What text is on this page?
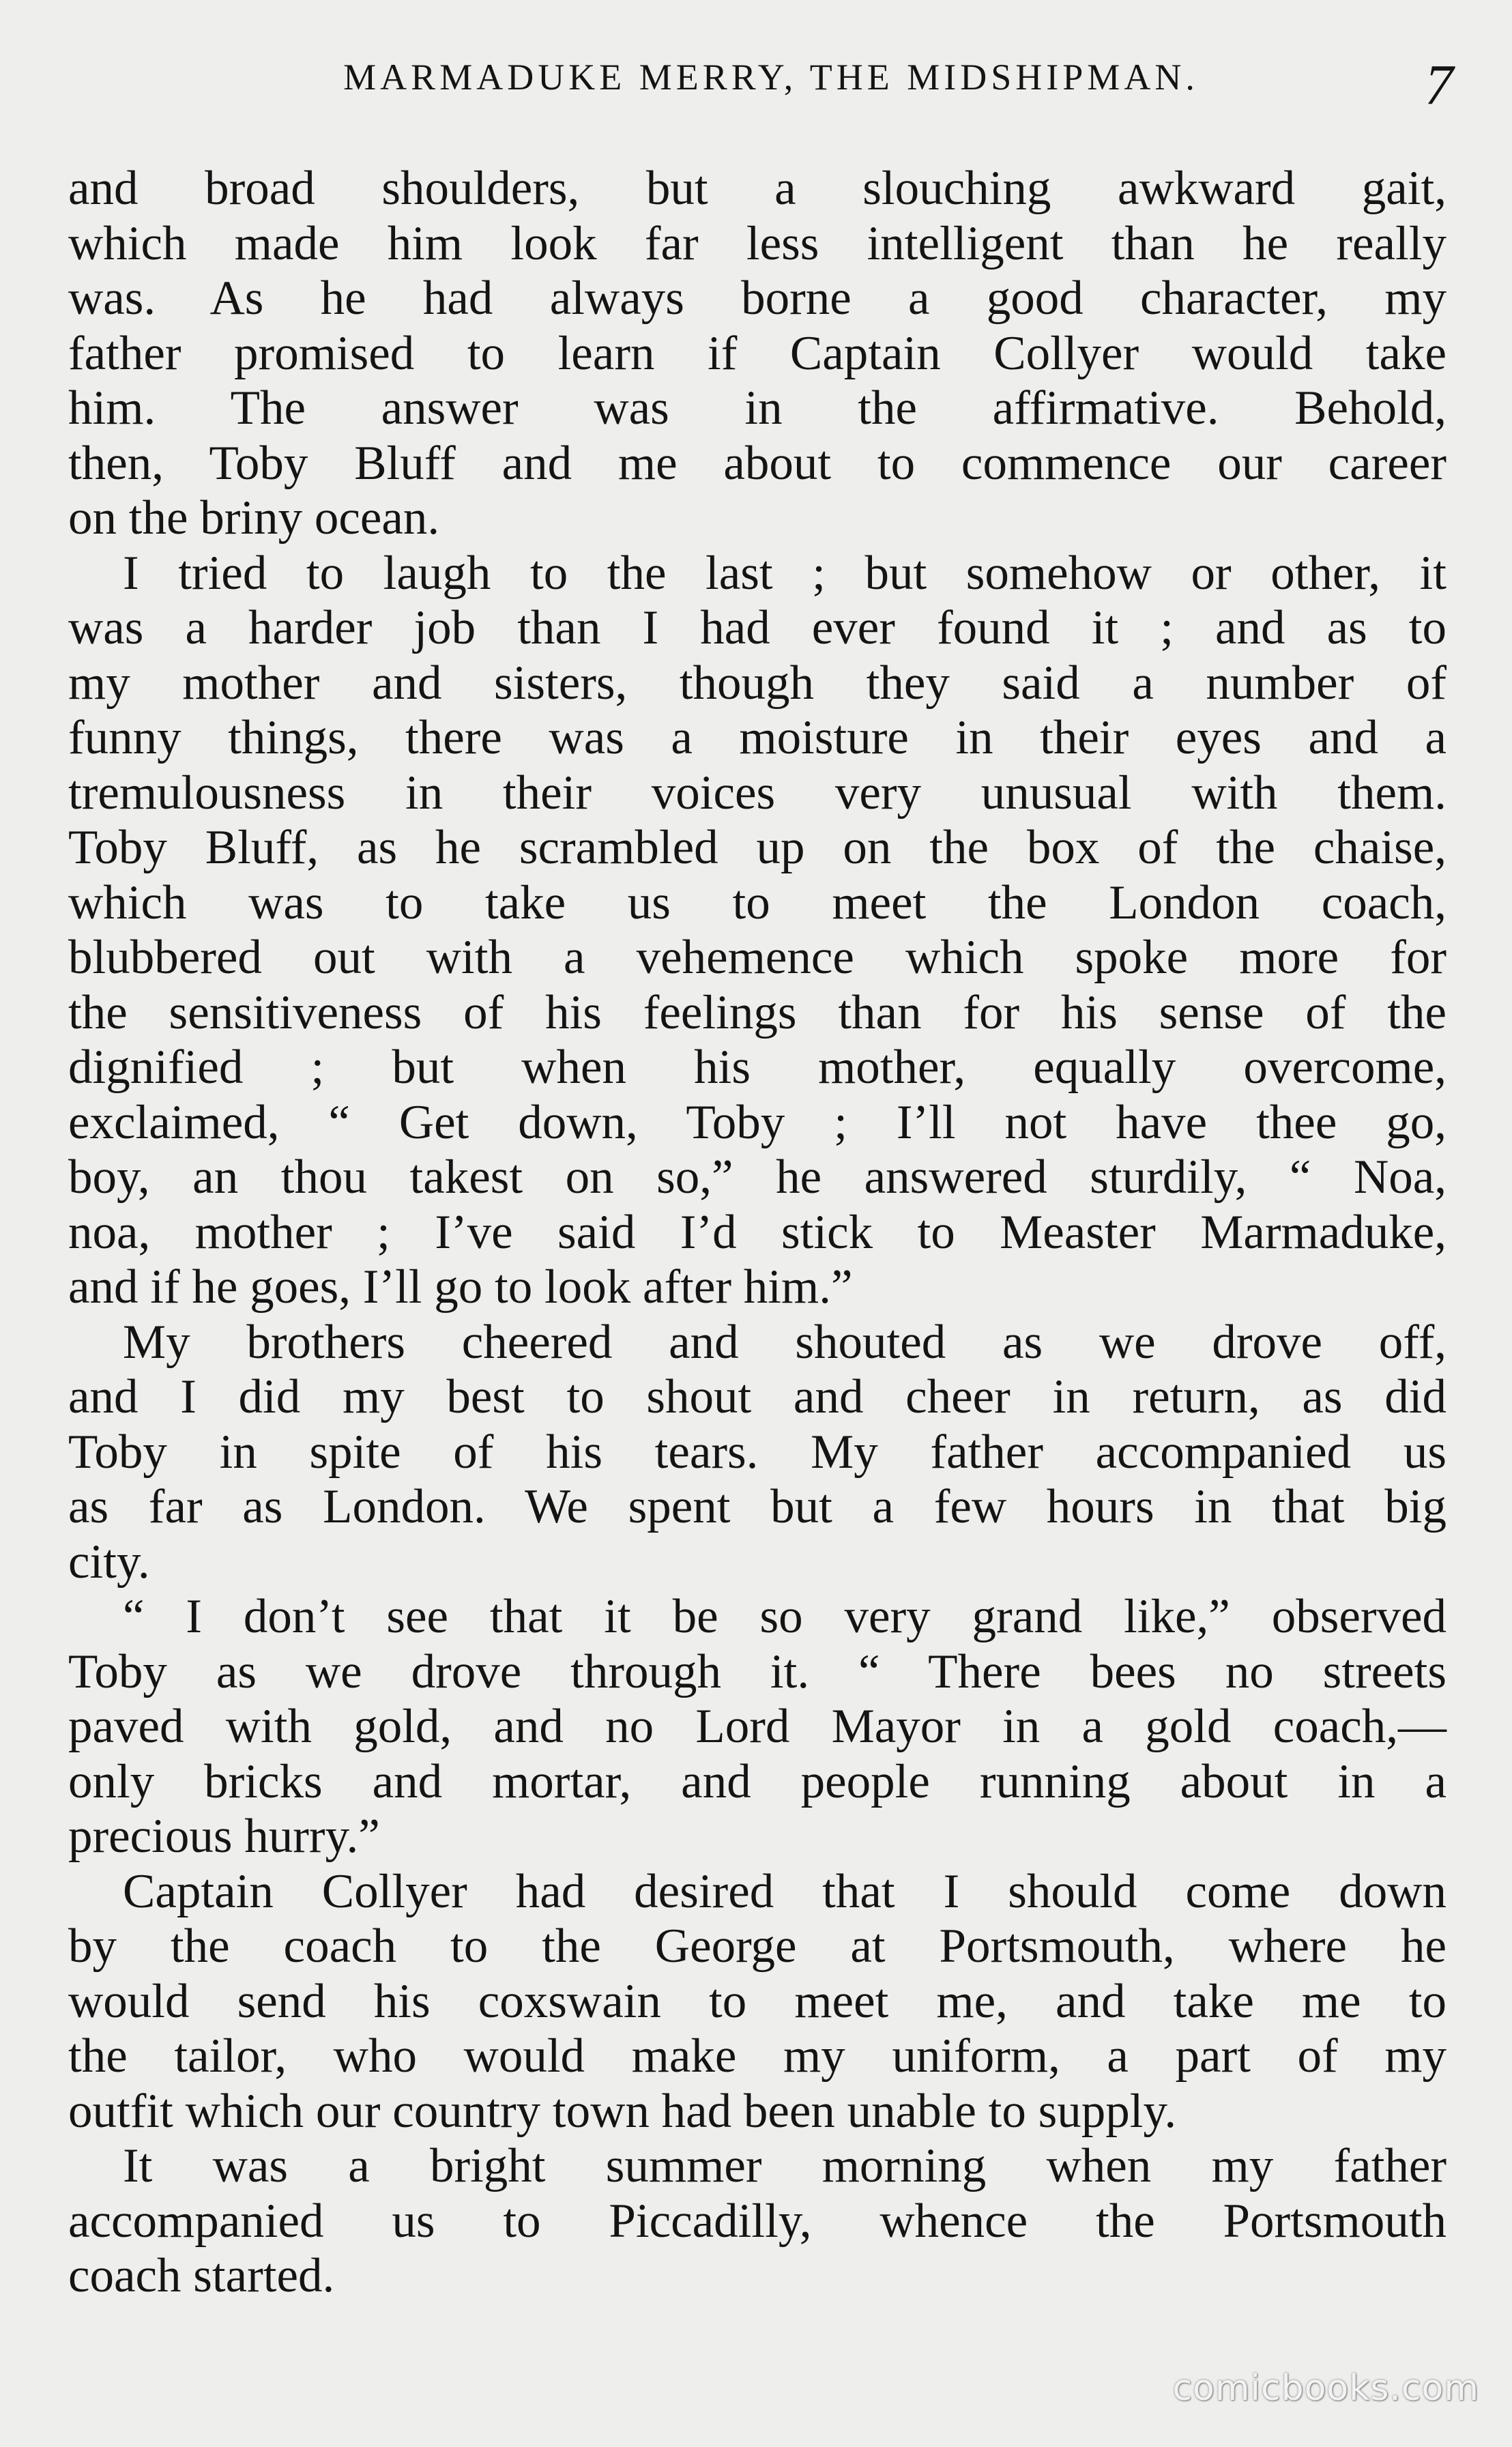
MARMADUKE MERRY, THE MIDSHIPMAN.	7
and broad shoulders, but a slouching awkward gait,
which made him look far less intelligent than he really
was. As he had always borne a good character, my
father promised to learn if Captain Collyer would take
him. The answer was in the affirmative. Behold,
then, Toby Bluff and me about to commence our career
on the briny ocean.
I tried to laugh to the last ; but somehow or other, it
was a harder job than I had ever found it ; and as to
my mother and sisters, though they said a number of
funny things, there was a moisture in their eyes and a
tremulousness in their voices very unusual with them.
Toby Bluff, as he scrambled up on the box of the chaise,
which was to take us to meet the London coach,
blubbered out with a vehemence which spoke more for
the sensitiveness of his feelings than for his sense of the
dignified ; but when his mother, equally overcome,
exclaimed, “ Get down, Toby ; I’ll not have thee go,
boy, an thou takest on so,” he answered sturdily, “ Noa,
noa, mother ; I’ve said I’d stick to Measter Marmaduke,
and if he goes, I’ll go to look after him.”
My brothers cheered and shouted as we drove off,
and I did my best to shout and cheer in return, as did
Toby in spite of his tears. My father accompanied us
as far as London. We spent but a few hours in that big
city.
“ I don’t see that it be so very grand like,” observed
Toby as we drove through it. “ There bees no streets
paved with gold, and no Lord Mayor in a gold coach,—
only bricks and mortar, and people running about in a
precious hurry.”
Captain Collyer had desired that I should come down
by the coach to the George at Portsmouth, where he
would send his coxswain to meet me, and take me to
the tailor, who would make my uniform, a part of my
outfit which our country town had been unable to supply.
It was a bright summer morning when my father
accompanied us to Piccadilly, whence the Portsmouth
coach started.
comicbooks.com
